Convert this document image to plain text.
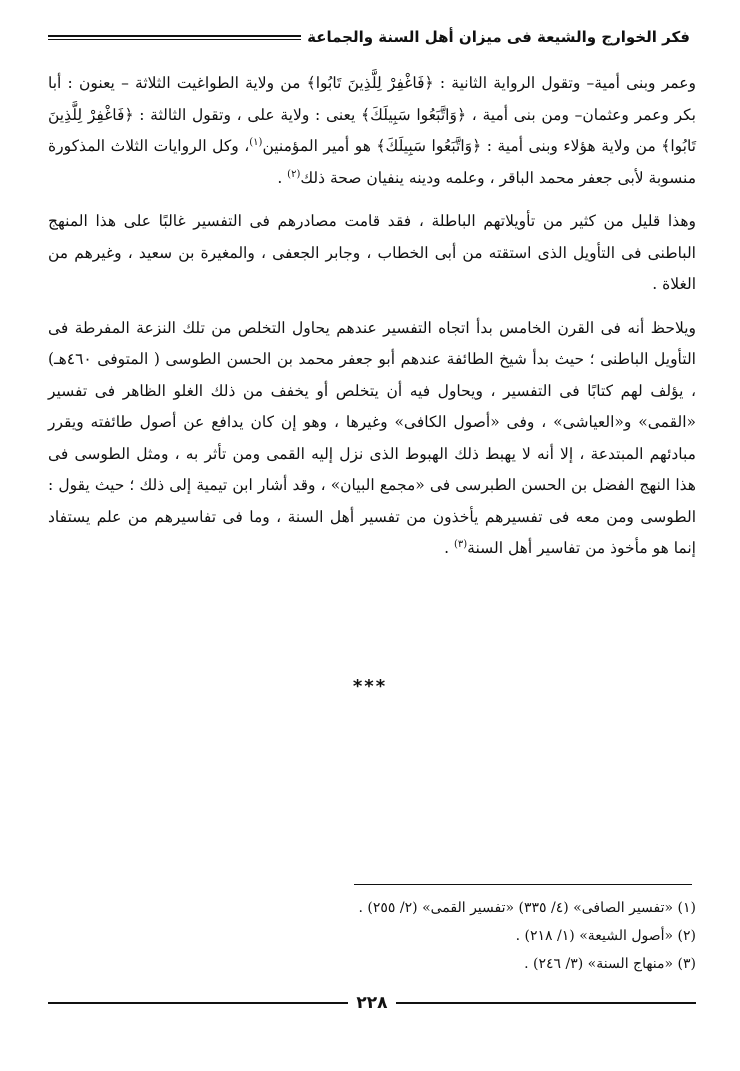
فكر الخوارج والشيعة فى ميزان أهل السنة والجماعة

وعمر وبنى أمية– وتقول الرواية الثانية : ﴿فَاغْفِرْ لِلَّذِينَ تَابُوا﴾ من ولاية الطواغيت الثلاثة – يعنون : أبا بكر وعمر وعثمان– ومن بنى أمية ، ﴿وَاتَّبَعُوا سَبِيلَكَ﴾ يعنى : ولاية على ، وتقول الثالثة : ﴿فَاغْفِرْ لِلَّذِينَ تَابُوا﴾ من ولاية هؤلاء وبنى أمية : ﴿وَاتَّبَعُوا سَبِيلَكَ﴾ هو أمير المؤمنين$^{(١)}$، وكل الروايات الثلاث المذكورة منسوبة لأبى جعفر محمد الباقر ، وعلمه ودينه ينفيان صحة ذلك$^{(٢)}$ .

وهذا قليل من كثير من تأويلاتهم الباطلة ، فقد قامت مصادرهم فى التفسير غالبًا على هذا المنهج الباطنى فى التأويل الذى استقته من أبى الخطاب ، وجابر الجعفى ، والمغيرة بن سعيد ، وغيرهم من الغلاة .

ويلاحظ أنه فى القرن الخامس بدأ اتجاه التفسير عندهم يحاول التخلص من تلك النزعة المفرطة فى التأويل الباطنى ؛ حيث بدأ شيخ الطائفة عندهم أبو جعفر محمد بن الحسن الطوسى ( المتوفى ٤٦٠هـ) ، يؤلف لهم كتابًا فى التفسير ، ويحاول فيه أن يتخلص أو يخفف من ذلك الغلو الظاهر فى تفسير «القمى» و«العياشى» ، وفى «أصول الكافى» وغيرها ، وهو إن كان يدافع عن أصول طائفته ويقرر مبادئهم المبتدعة ، إلا أنه لا يهبط ذلك الهبوط الذى نزل إليه القمى ومن تأثر به ، ومثل الطوسى فى هذا النهج الفضل بن الحسن الطبرسى فى «مجمع البيان» ، وقد أشار ابن تيمية إلى ذلك ؛ حيث يقول : الطوسى ومن معه فى تفسيرهم يأخذون من تفسير أهل السنة ، وما فى تفاسيرهم من علم يستفاد إنما هو مأخوذ من تفاسير أهل السنة$^{(٣)}$ .

***
(١) «تفسير الصافى» (٤/ ٣٣٥) «تفسير القمى» (٢/ ٢٥٥) .
(٢) «أصول الشيعة» (١/ ٢١٨) .
(٣) «منهاج السنة» (٣/ ٢٤٦) .
٢٢٨
